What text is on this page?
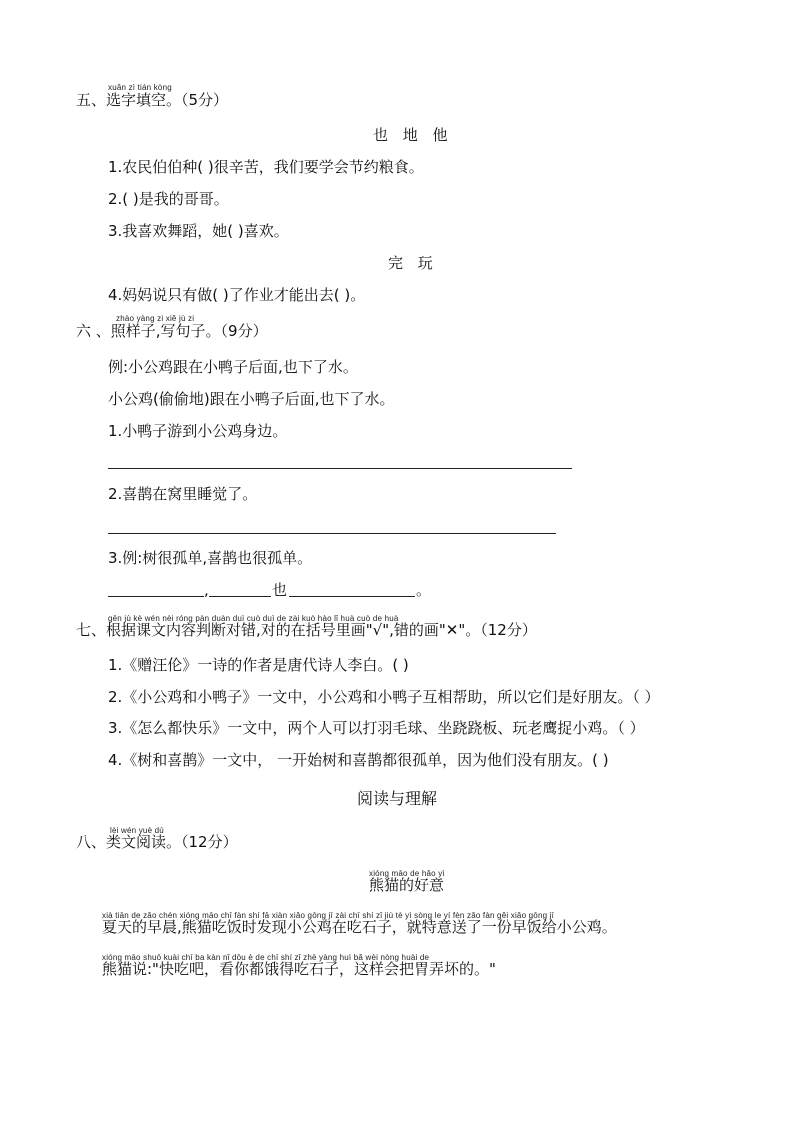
xuǎn zì tián kòng
五、选字填空。（5分）
也 地 他
1.农民伯伯种( )很辛苦，我们要学会节约粮食。
2.( )是我的哥哥。
3.我喜欢舞蹈，她( )喜欢。
完 玩
4.妈妈说只有做( )了作业才能出去( )。
zhào yàng zi xiě jù zi
六 、照样子,写句子。（9分）
例:小公鸡跟在小鸭子后面,也下了水。
小公鸡(偷偷地)跟在小鸭子后面,也下了水。
1.小鸭子游到小公鸡身边。
2.喜鹊在窝里睡觉了。
3.例:树很孤单,喜鹊也很孤单。
,	也	。
gēn jù kè wén nèi róng pàn duàn duì cuò duì de zài kuò hào lǐ huà cuò de huà
七、根据课文内容判断对错,对的在括号里画"√",错的画"✕"。（12分）
1.《赠汪伦》一诗的作者是唐代诗人李白。( )
2.《小公鸡和小鸭子》一文中，小公鸡和小鸭子互相帮助，所以它们是好朋友。（ ）
3.《怎么都快乐》一文中，两个人可以打羽毛球、坐跷跷板、玩老鹰捉小鸡。（ ）
4.《树和喜鹊》一文中， 一开始树和喜鹊都很孤单，因为他们没有朋友。( )
阅读与理解
lèi wén yuè dú
八、类文阅读。（12分）
xióng māo de hǎo yì
熊猫的好意
xià tiān de zǎo chén xióng māo chī fàn shí fā xiàn xiǎo gōng jī zài chī shí zǐ jiù tè yì sòng le yí fèn zǎo fàn gěi xiǎo gōng jī
夏天的早晨,熊猫吃饭时发现小公鸡在吃石子，就特意送了一份早饭给小公鸡。
xióng māo shuō kuài chī ba kàn nǐ dōu è de chī shí zǐ zhè yàng huì bǎ wèi nòng huài de
熊猫说:"快吃吧，看你都饿得吃石子，这样会把胃弄坏的。"
